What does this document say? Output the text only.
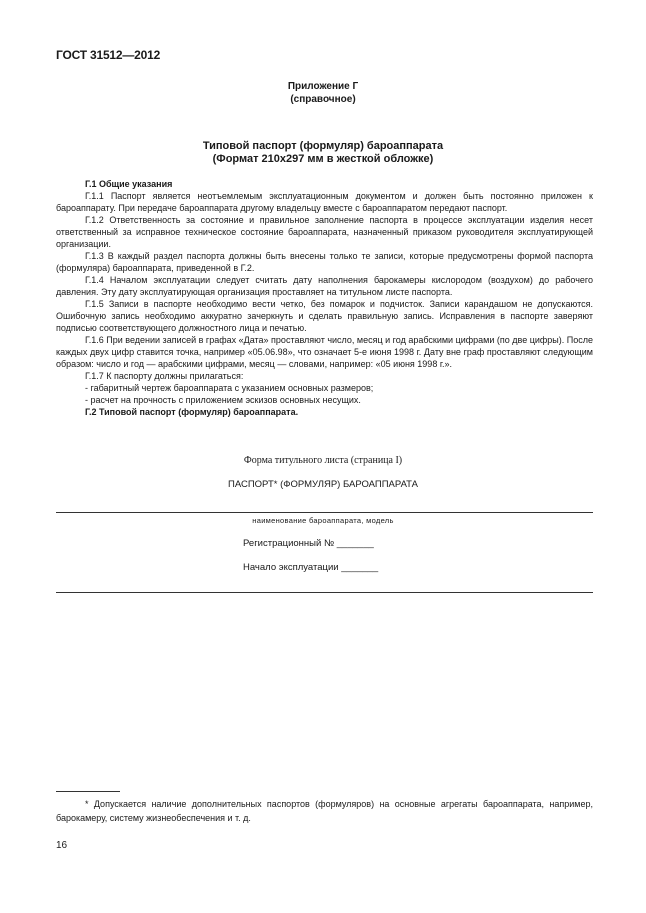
ГОСТ 31512—2012
Приложение Г
(справочное)
Типовой паспорт (формуляр) бароаппарата
(Формат 210х297 мм в жесткой обложке)

Г.1 Общие указания

Г.1.1 Паспорт является неотъемлемым эксплуатационным документом и должен быть постоянно приложен к бароаппарату. При передаче бароаппарата другому владельцу вместе с бароаппаратом передают паспорт.

Г.1.2 Ответственность за состояние и правильное заполнение паспорта в процессе эксплуатации изделия несет ответственный за исправное техническое состояние бароаппарата, назначенный приказом руководителя эксплуатирующей организации.

Г.1.3 В каждый раздел паспорта должны быть внесены только те записи, которые предусмотрены формой паспорта (формуляра) бароаппарата, приведенной в Г.2.

Г.1.4 Началом эксплуатации следует считать дату наполнения барокамеры кислородом (воздухом) до рабочего давления. Эту дату эксплуатирующая организация проставляет на титульном листе паспорта.

Г.1.5 Записи в паспорте необходимо вести четко, без помарок и подчисток. Записи карандашом не допускаются. Ошибочную запись необходимо аккуратно зачеркнуть и сделать правильную запись. Исправления в паспорте заверяют подписью соответствующего должностного лица и печатью.

Г.1.6 При ведении записей в графах «Дата» проставляют число, месяц и год арабскими цифрами (по две цифры). После каждых двух цифр ставится точка, например «05.06.98», что означает 5-е июня 1998 г. Дату вне граф проставляют следующим образом: число и год — арабскими цифрами, месяц — словами, например: «05 июня 1998 г.».

Г.1.7 К паспорту должны прилагаться:

- габаритный чертеж бароаппарата с указанием основных размеров;

- расчет на прочность с приложением эскизов основных несущих.

Г.2 Типовой паспорт (формуляр) бароаппарата.

Форма титульного листа (страница I)
ПАСПОРТ* (ФОРМУЛЯР) БАРОАППАРАТА
наименование бароаппарата, модель
Регистрационный № _______
Начало эксплуатации _______

* Допускается наличие дополнительных паспортов (формуляров) на основные агрегаты бароаппарата, например, барокамеру, систему жизнеобеспечения и т. д.

16
